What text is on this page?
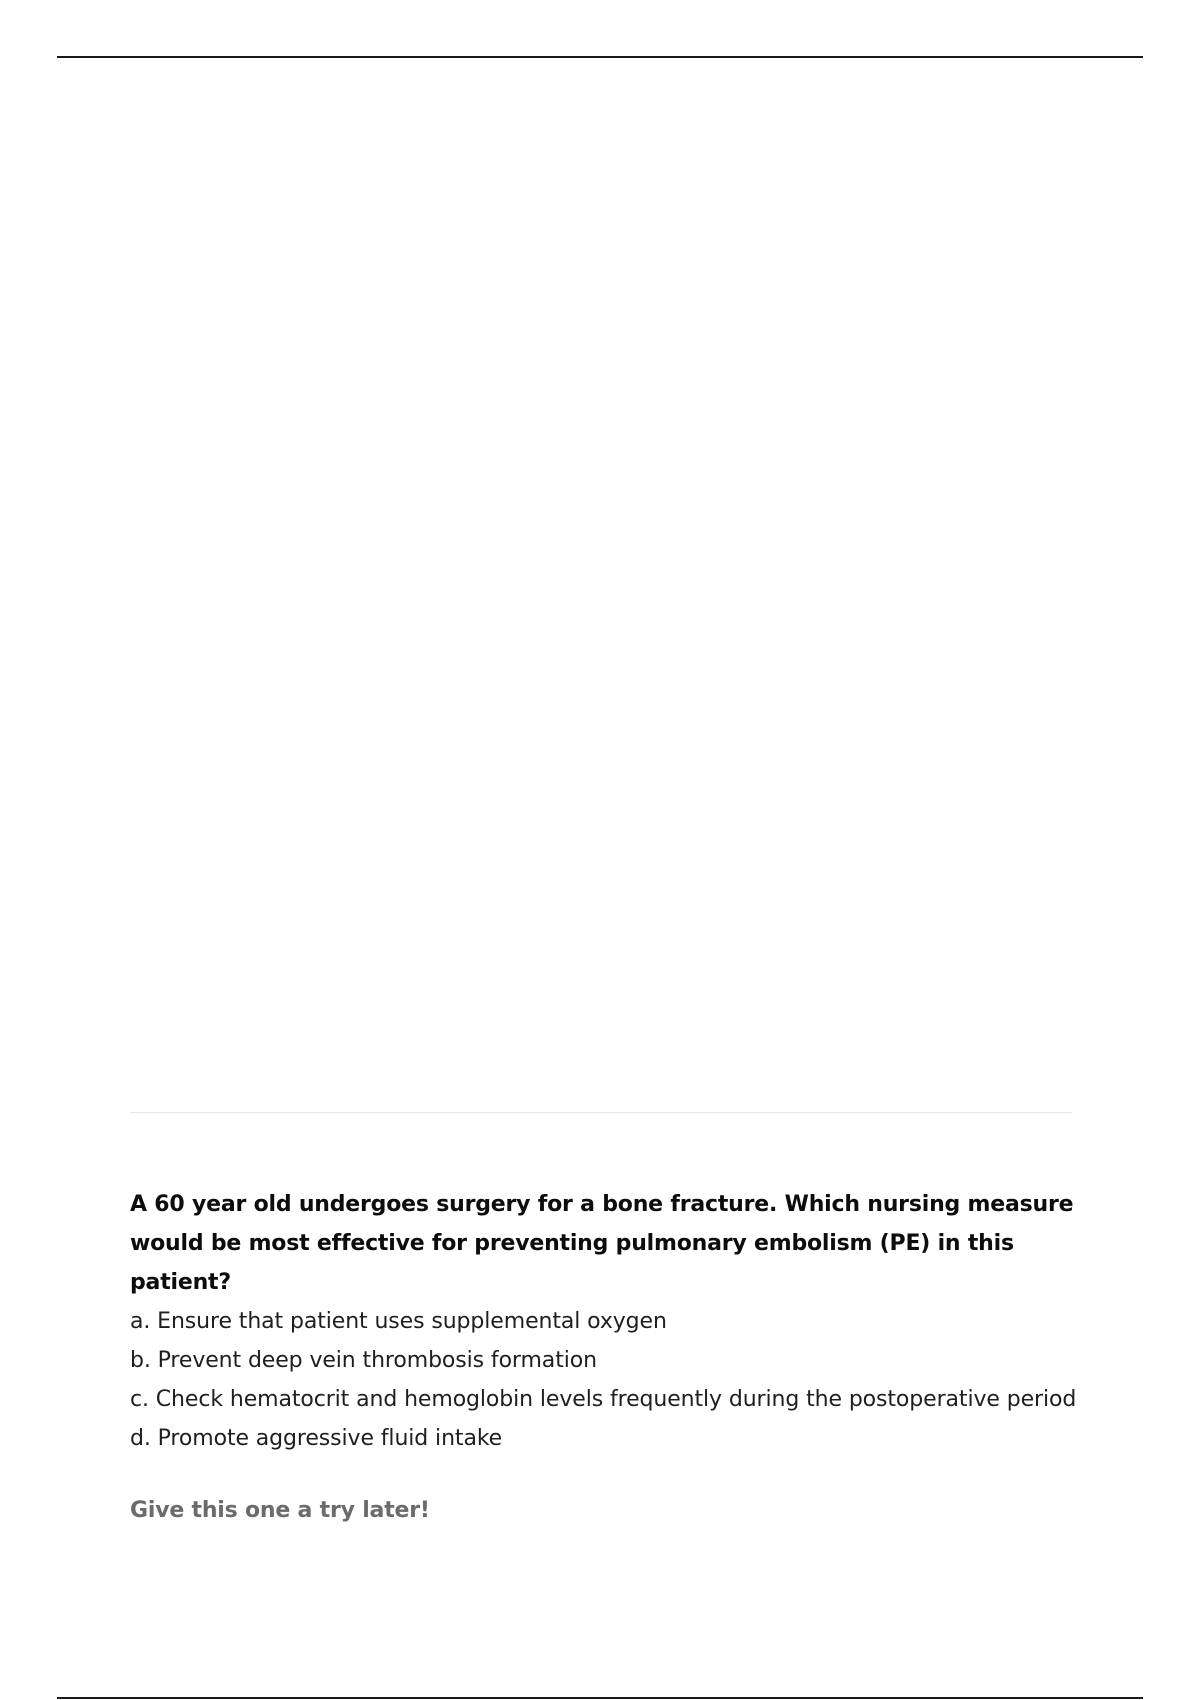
A 60 year old undergoes surgery for a bone fracture. Which nursing measure would be most effective for preventing pulmonary embolism (PE) in this patient?

a. Ensure that patient uses supplemental oxygen
b. Prevent deep vein thrombosis formation
c. Check hematocrit and hemoglobin levels frequently during the postoperative period
d. Promote aggressive fluid intake
Give this one a try later!
